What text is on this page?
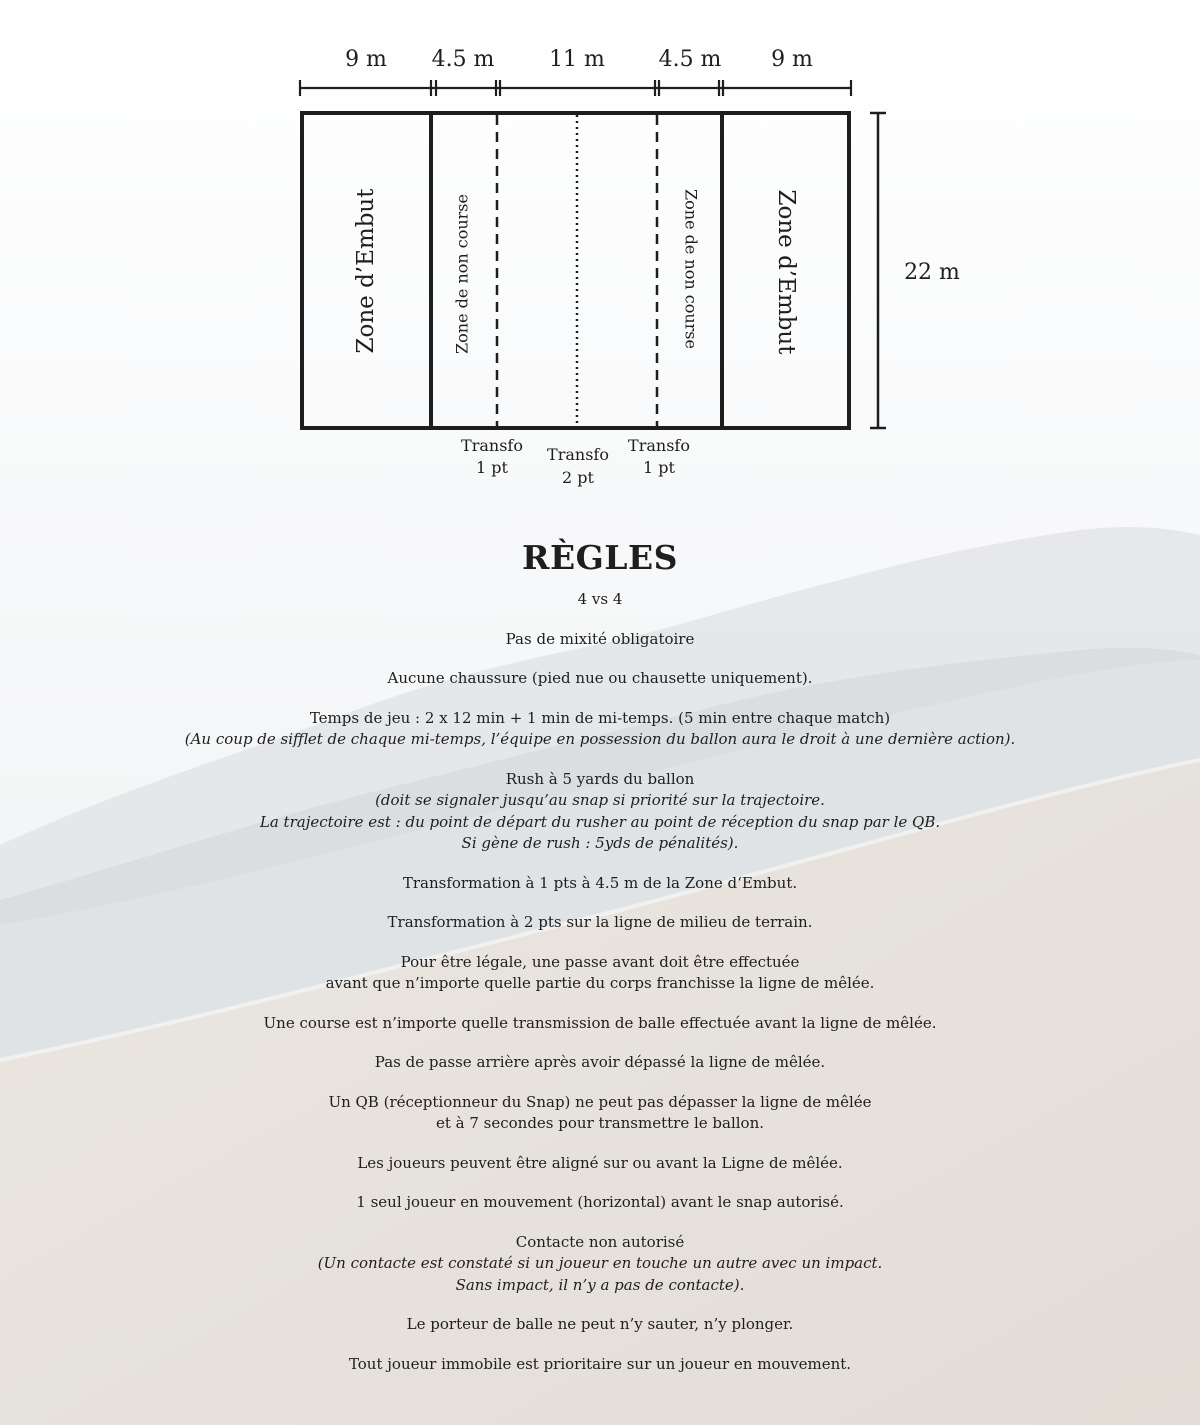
9 m 4.5 m 11 m 4.5 m 9 m
22 m
Zone d’Embut	Zone de non course	Zone de non course	Zone d’Embut
Transfo
1 pt
Transfo
2 pt
Transfo
1 pt
RÈGLES

4 vs 4

Pas de mixité obligatoire

Aucune chaussure (pied nue ou chausette uniquement).

Temps de jeu : 2 x 12 min + 1 min de mi-temps. (5 min entre chaque match)

(Au coup de sifflet de chaque mi-temps, l’équipe en possession du ballon aura le droit à une dernière action).

Rush à 5 yards du ballon

(doit se signaler jusqu’au snap si priorité sur la trajectoire.

La trajectoire est : du point de départ du rusher au point de réception du snap par le QB.

Si gène de rush : 5yds de pénalités).

Transformation à 1 pts à 4.5 m de la Zone d‘Embut.

Transformation à 2 pts sur la ligne de milieu de terrain.

Pour être légale, une passe avant doit être effectuée

avant que n’importe quelle partie du corps franchisse la ligne de mêlée.

Une course est n’importe quelle transmission de balle effectuée avant la ligne de mêlée.

Pas de passe arrière après avoir dépassé la ligne de mêlée.

Un QB (réceptionneur du Snap) ne peut pas dépasser la ligne de mêlée

et à 7 secondes pour transmettre le ballon.

Les joueurs peuvent être aligné sur ou avant la Ligne de mêlée.

1 seul joueur en mouvement (horizontal) avant le snap autorisé.

Contacte non autorisé

(Un contacte est constaté si un joueur en touche un autre avec un impact.

Sans impact, il n’y a pas de contacte).

Le porteur de balle ne peut n’y sauter, n’y plonger.

Tout joueur immobile est prioritaire sur un joueur en mouvement.
